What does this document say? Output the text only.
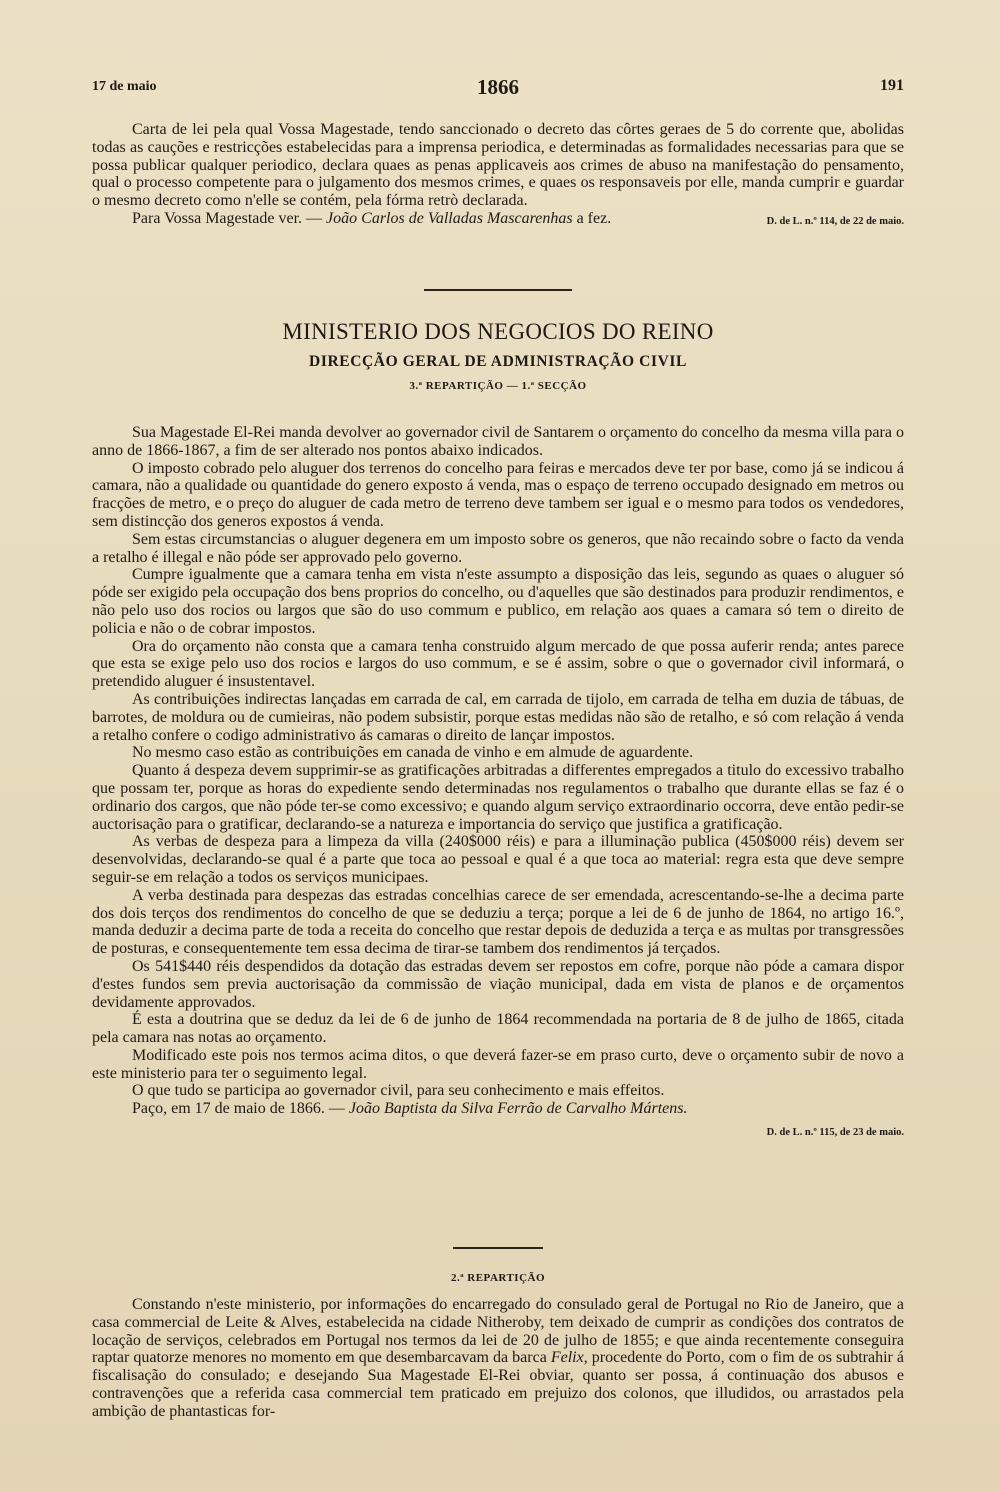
17 de maio	1866	191

Carta de lei pela qual Vossa Magestade, tendo sanccionado o decreto das côrtes geraes de 5 do corrente que, abolidas todas as cauções e restricções estabelecidas para a imprensa periodica, e determinadas as formalidades necessarias para que se possa publicar qualquer periodico, declara quaes as penas applicaveis aos crimes de abuso na manifestação do pensamento, qual o processo competente para o julgamento dos mesmos crimes, e quaes os responsaveis por elle, manda cumprir e guardar o mesmo decreto como n'elle se contém, pela fórma retrò declarada.

Para Vossa Magestade ver. — João Carlos de Valladas Mascarenhas a fez.	D. de L. n.º 114, de 22 de maio.

MINISTERIO DOS NEGOCIOS DO REINO

DIRECÇÃO GERAL DE ADMINISTRAÇÃO CIVIL

3.ª REPARTIÇÃO — 1.ª SECÇÃO

Sua Magestade El-Rei manda devolver ao governador civil de Santarem o orçamento do concelho da mesma villa para o anno de 1866-1867, a fim de ser alterado nos pontos abaixo indicados.

O imposto cobrado pelo aluguer dos terrenos do concelho para feiras e mercados deve ter por base, como já se indicou á camara, não a qualidade ou quantidade do genero exposto á venda, mas o espaço de terreno occupado designado em metros ou fracções de metro, e o preço do aluguer de cada metro de terreno deve tambem ser igual e o mesmo para todos os vendedores, sem distincção dos generos expostos á venda.

Sem estas circumstancias o aluguer degenera em um imposto sobre os generos, que não recaindo sobre o facto da venda a retalho é illegal e não póde ser approvado pelo governo.

Cumpre igualmente que a camara tenha em vista n'este assumpto a disposição das leis, segundo as quaes o aluguer só póde ser exigido pela occupação dos bens proprios do concelho, ou d'aquelles que são destinados para produzir rendimentos, e não pelo uso dos rocios ou largos que são do uso commum e publico, em relação aos quaes a camara só tem o direito de policia e não o de cobrar impostos.

Ora do orçamento não consta que a camara tenha construido algum mercado de que possa auferir renda; antes parece que esta se exige pelo uso dos rocios e largos do uso commum, e se é assim, sobre o que o governador civil informará, o pretendido aluguer é insustentavel.

As contribuições indirectas lançadas em carrada de cal, em carrada de tijolo, em carrada de telha em duzia de tábuas, de barrotes, de moldura ou de cumieiras, não podem subsistir, porque estas medidas não são de retalho, e só com relação á venda a retalho confere o codigo administrativo ás camaras o direito de lançar impostos.

No mesmo caso estão as contribuições em canada de vinho e em almude de aguardente.

Quanto á despeza devem supprimir-se as gratificações arbitradas a differentes empregados a titulo do excessivo trabalho que possam ter, porque as horas do expediente sendo determinadas nos regulamentos o trabalho que durante ellas se faz é o ordinario dos cargos, que não póde ter-se como excessivo; e quando algum serviço extraordinario occorra, deve então pedir-se auctorisação para o gratificar, declarando-se a natureza e importancia do serviço que justifica a gratificação.

As verbas de despeza para a limpeza da villa (240$000 réis) e para a illuminação publica (450$000 réis) devem ser desenvolvidas, declarando-se qual é a parte que toca ao pessoal e qual é a que toca ao material: regra esta que deve sempre seguir-se em relação a todos os serviços municipaes.

A verba destinada para despezas das estradas concelhias carece de ser emendada, acrescentando-se-lhe a decima parte dos dois terços dos rendimentos do concelho de que se deduziu a terça; porque a lei de 6 de junho de 1864, no artigo 16.º, manda deduzir a decima parte de toda a receita do concelho que restar depois de deduzida a terça e as multas por transgressões de posturas, e consequentemente tem essa decima de tirar-se tambem dos rendimentos já terçados.

Os 541$440 réis despendidos da dotação das estradas devem ser repostos em cofre, porque não póde a camara dispor d'estes fundos sem previa auctorisação da commissão de viação municipal, dada em vista de planos e de orçamentos devidamente approvados.

É esta a doutrina que se deduz da lei de 6 de junho de 1864 recommendada na portaria de 8 de julho de 1865, citada pela camara nas notas ao orçamento.

Modificado este pois nos termos acima ditos, o que deverá fazer-se em praso curto, deve o orçamento subir de novo a este ministerio para ter o seguimento legal.

O que tudo se participa ao governador civil, para seu conhecimento e mais effeitos.

Paço, em 17 de maio de 1866. — João Baptista da Silva Ferrão de Carvalho Mártens.

D. de L. n.º 115, de 23 de maio.

2.ª REPARTIÇÃO

Constando n'este ministerio, por informações do encarregado do consulado geral de Portugal no Rio de Janeiro, que a casa commercial de Leite & Alves, estabelecida na cidade Nitheroby, tem deixado de cumprir as condições dos contratos de locação de serviços, celebrados em Portugal nos termos da lei de 20 de julho de 1855; e que ainda recentemente conseguira raptar quatorze menores no momento em que desembarcavam da barca Felix, procedente do Porto, com o fim de os subtrahir á fiscalisação do consulado; e desejando Sua Magestade El-Rei obviar, quanto ser possa, á continuação dos abusos e contravenções que a referida casa commercial tem praticado em prejuizo dos colonos, que illudidos, ou arrastados pela ambição de phantasticas for-
